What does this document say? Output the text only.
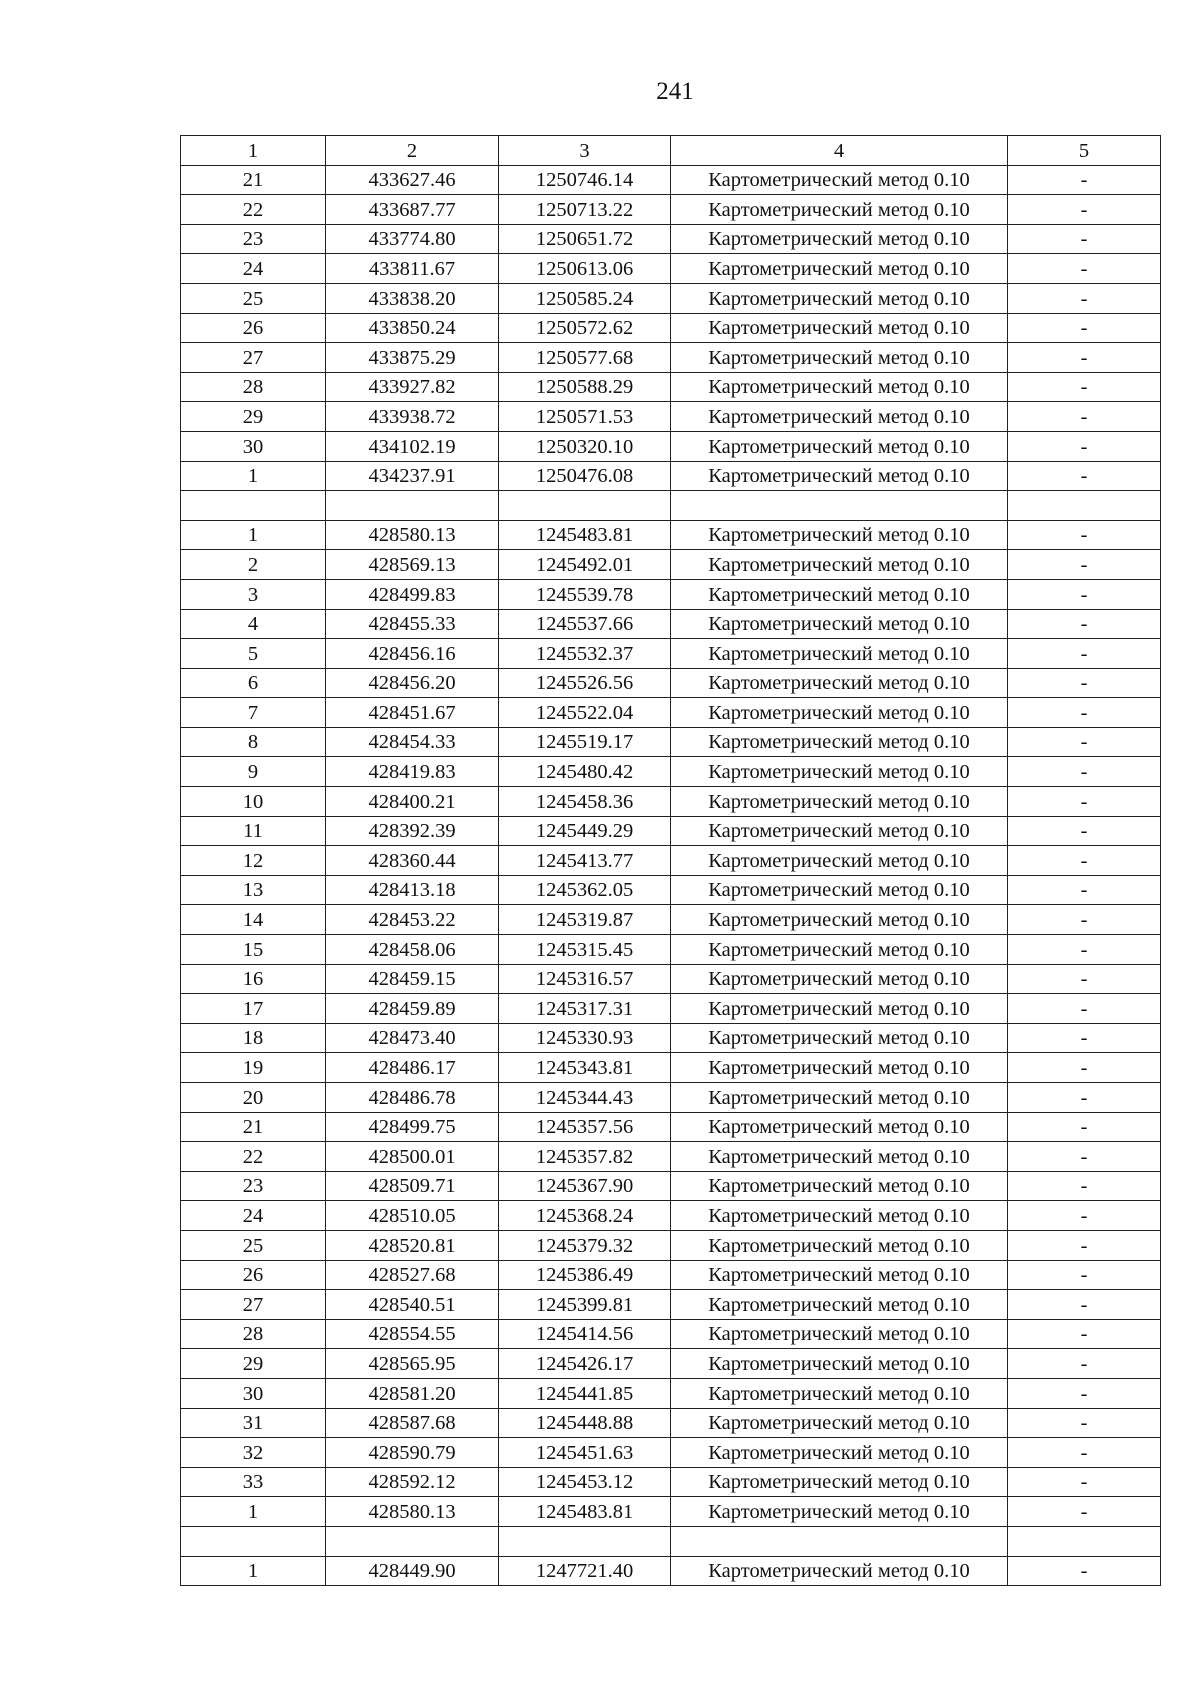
241
1	2	3	4	5
21	433627.46	1250746.14	Картометрический метод 0.10	-
22	433687.77	1250713.22	Картометрический метод 0.10	-
23	433774.80	1250651.72	Картометрический метод 0.10	-
24	433811.67	1250613.06	Картометрический метод 0.10	-
25	433838.20	1250585.24	Картометрический метод 0.10	-
26	433850.24	1250572.62	Картометрический метод 0.10	-
27	433875.29	1250577.68	Картометрический метод 0.10	-
28	433927.82	1250588.29	Картометрический метод 0.10	-
29	433938.72	1250571.53	Картометрический метод 0.10	-
30	434102.19	1250320.10	Картометрический метод 0.10	-
1	434237.91	1250476.08	Картометрический метод 0.10	-

1	428580.13	1245483.81	Картометрический метод 0.10	-
2	428569.13	1245492.01	Картометрический метод 0.10	-
3	428499.83	1245539.78	Картометрический метод 0.10	-
4	428455.33	1245537.66	Картометрический метод 0.10	-
5	428456.16	1245532.37	Картометрический метод 0.10	-
6	428456.20	1245526.56	Картометрический метод 0.10	-
7	428451.67	1245522.04	Картометрический метод 0.10	-
8	428454.33	1245519.17	Картометрический метод 0.10	-
9	428419.83	1245480.42	Картометрический метод 0.10	-
10	428400.21	1245458.36	Картометрический метод 0.10	-
11	428392.39	1245449.29	Картометрический метод 0.10	-
12	428360.44	1245413.77	Картометрический метод 0.10	-
13	428413.18	1245362.05	Картометрический метод 0.10	-
14	428453.22	1245319.87	Картометрический метод 0.10	-
15	428458.06	1245315.45	Картометрический метод 0.10	-
16	428459.15	1245316.57	Картометрический метод 0.10	-
17	428459.89	1245317.31	Картометрический метод 0.10	-
18	428473.40	1245330.93	Картометрический метод 0.10	-
19	428486.17	1245343.81	Картометрический метод 0.10	-
20	428486.78	1245344.43	Картометрический метод 0.10	-
21	428499.75	1245357.56	Картометрический метод 0.10	-
22	428500.01	1245357.82	Картометрический метод 0.10	-
23	428509.71	1245367.90	Картометрический метод 0.10	-
24	428510.05	1245368.24	Картометрический метод 0.10	-
25	428520.81	1245379.32	Картометрический метод 0.10	-
26	428527.68	1245386.49	Картометрический метод 0.10	-
27	428540.51	1245399.81	Картометрический метод 0.10	-
28	428554.55	1245414.56	Картометрический метод 0.10	-
29	428565.95	1245426.17	Картометрический метод 0.10	-
30	428581.20	1245441.85	Картометрический метод 0.10	-
31	428587.68	1245448.88	Картометрический метод 0.10	-
32	428590.79	1245451.63	Картометрический метод 0.10	-
33	428592.12	1245453.12	Картометрический метод 0.10	-
1	428580.13	1245483.81	Картометрический метод 0.10	-

1	428449.90	1247721.40	Картометрический метод 0.10	-
